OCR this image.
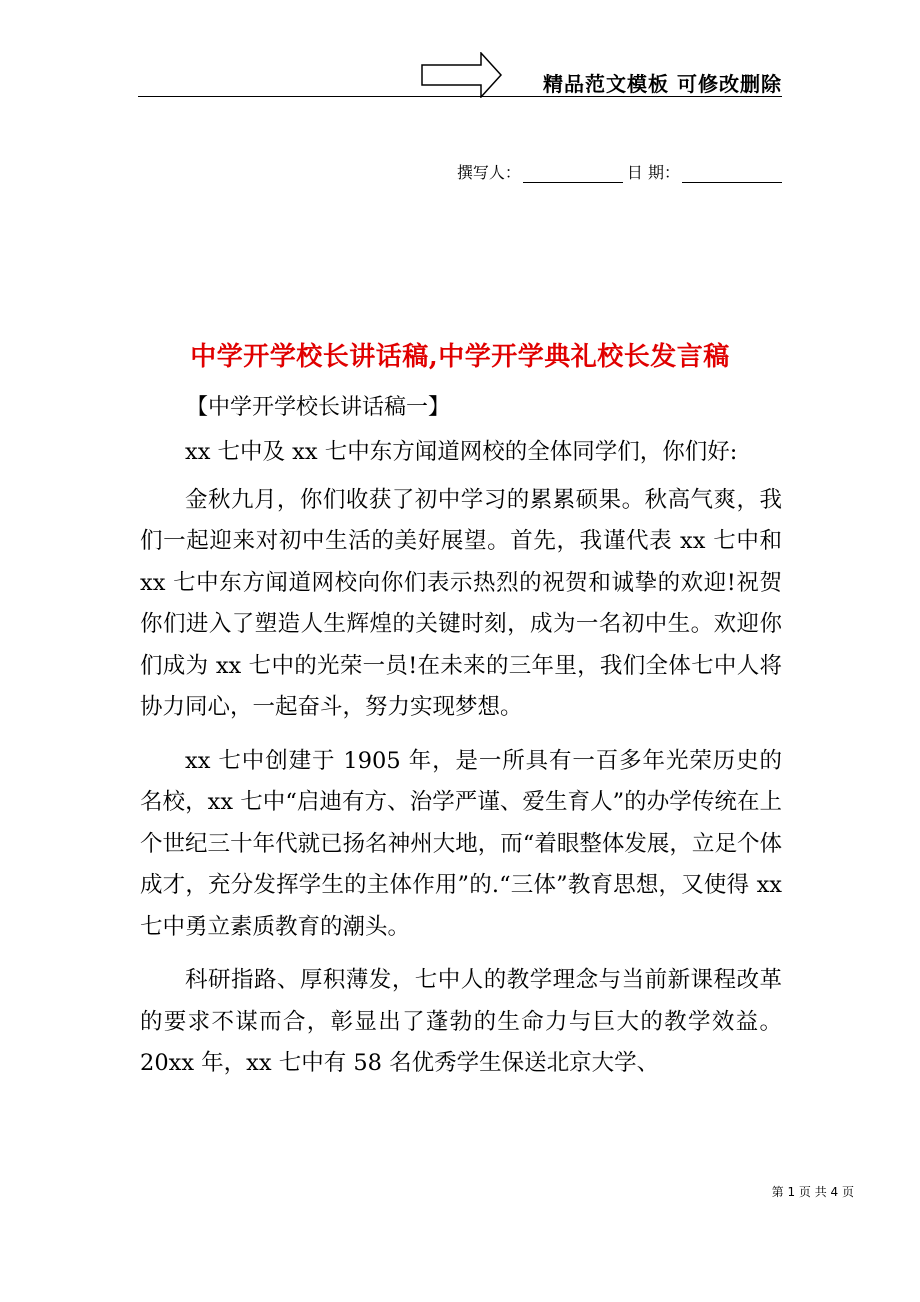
精品范文模板 可修改删除
撰写人：	日 期：
中学开学校长讲话稿,中学开学典礼校长发言稿
【中学开学校长讲话稿一】

xx 七中及 xx 七中东方闻道网校的全体同学们，你们好:

金秋九月，你们收获了初中学习的累累硕果。秋高气爽，我们一起迎来对初中生活的美好展望。首先，我谨代表 xx 七中和 xx 七中东方闻道网校向你们表示热烈的祝贺和诚挚的欢迎!祝贺你们进入了塑造人生辉煌的关键时刻，成为一名初中生。欢迎你们成为 xx 七中的光荣一员!在未来的三年里，我们全体七中人将协力同心，一起奋斗，努力实现梦想。

xx 七中创建于 1905 年，是一所具有一百多年光荣历史的名校，xx 七中“启迪有方、治学严谨、爱生育人”的办学传统在上个世纪三十年代就已扬名神州大地，而“着眼整体发展，立足个体成才，充分发挥学生的主体作用”的.“三体”教育思想，又使得 xx 七中勇立素质教育的潮头。

科研指路、厚积薄发，七中人的教学理念与当前新课程改革的要求不谋而合，彰显出了蓬勃的生命力与巨大的教学效益。20xx 年，xx 七中有 58 名优秀学生保送北京大学、

第 1 页 共 4 页
